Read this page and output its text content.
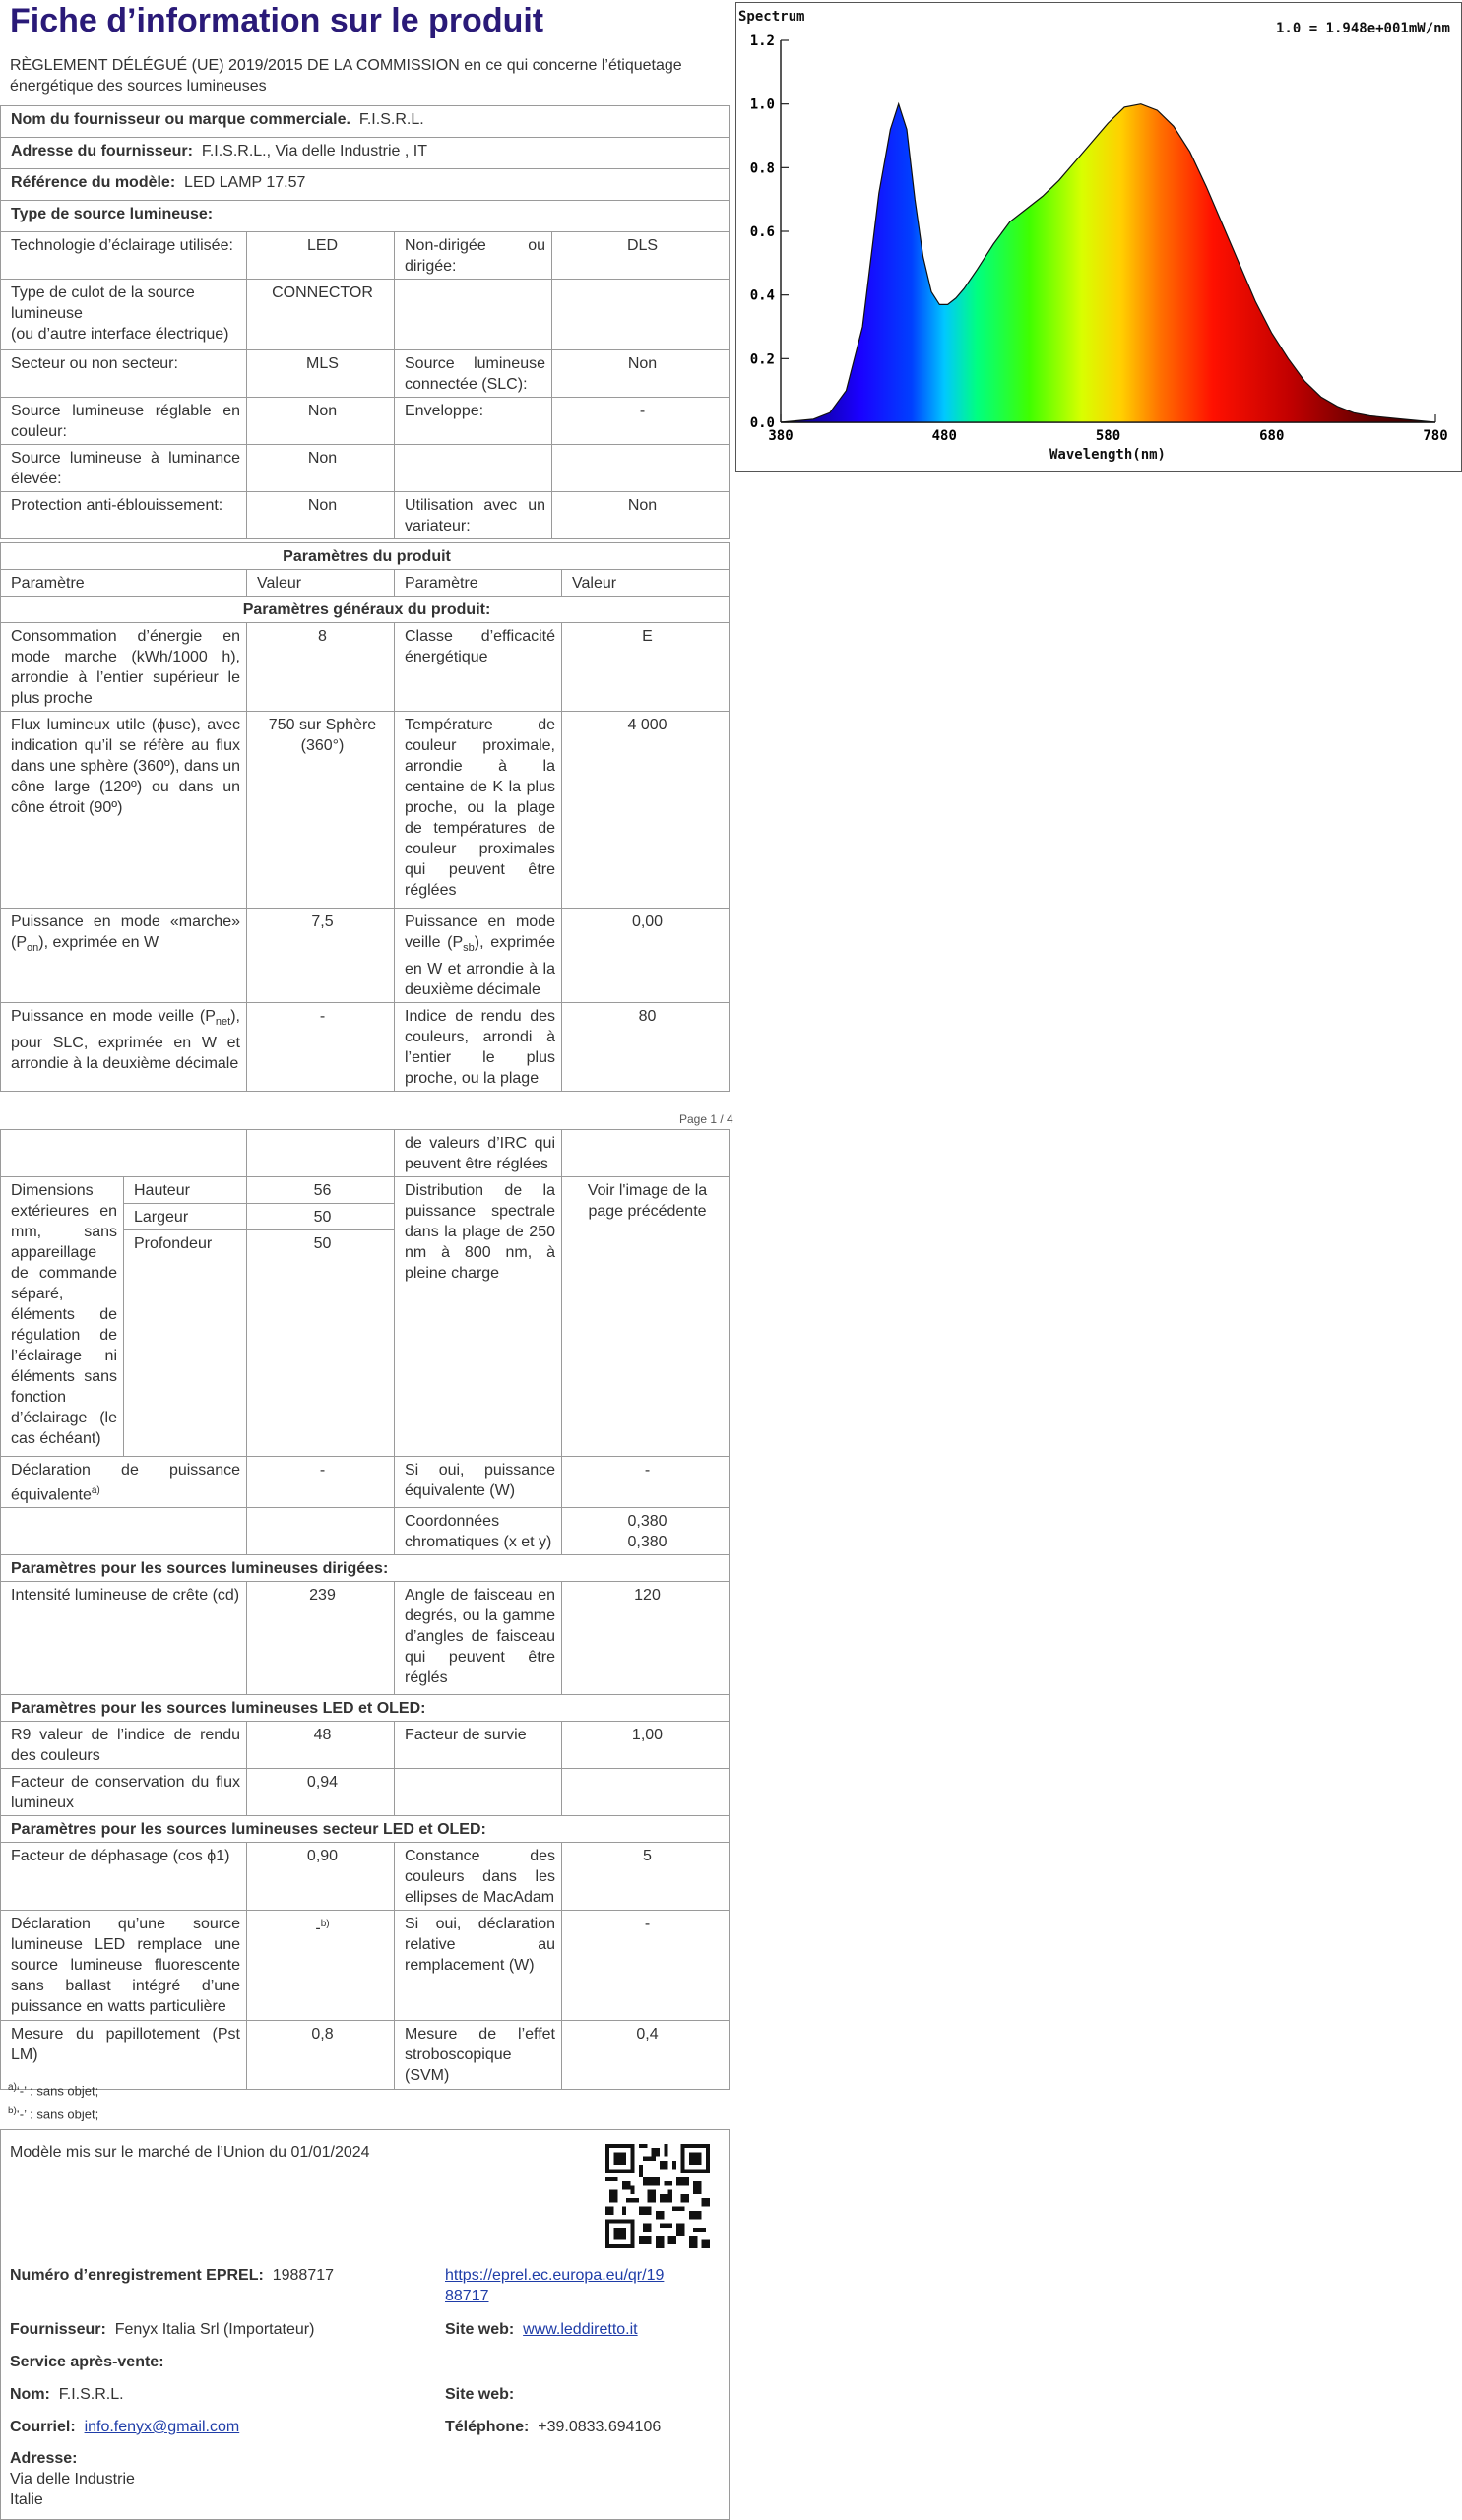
Fiche d’information sur le produit
RÈGLEMENT DÉLÉGUÉ (UE) 2019/2015 DE LA COMMISSION en ce qui concerne l’étiquetage énergétique des sources lumineuses
Nom du fournisseur ou marque commerciale. F.I.S.R.L.			
Adresse du fournisseur: F.I.S.R.L., Via delle Industrie , IT			
Référence du modèle: LED LAMP 17.57			
Type de source lumineuse:			
Technologie d’éclairage utilisée:	LED	Non-dirigée ou dirigée:	DLS

Type de culot de la source lumineuse
(ou d’autre interface électrique)	CONNECTOR		
Secteur ou non secteur:	MLS	Source lumineuse connectée (SLC):	Non
Source lumineuse réglable en couleur:	Non	Enveloppe:	-
Source lumineuse à luminance élevée:	Non		
Protection anti-éblouissement:	Non	Utilisation avec un variateur:	Non
Paramètres du produit			
Paramètre	Valeur	Paramètre	Valeur
Paramètres généraux du produit:			
Consommation d’énergie en mode marche (kWh/1000 h), arrondie à l’entier supérieur le plus proche	8	Classe d’efficacité énergétique	E
Flux lumineux utile (ϕuse), avec indication qu’il se réfère au flux dans une sphère (360º), dans un cône large (120º) ou dans un cône étroit (90º)	750 sur Sphère (360°)	Température de couleur proximale, arrondie à la centaine de K la plus proche, ou la plage de températures de couleur proximales qui peuvent être réglées	4 000
Puissance en mode «marche» $(P_{on})$, exprimée en W	7,5	Puissance en mode veille $(P_{sb})$, exprimée en W et arrondie à la deuxième décimale	0,00
Puissance en mode veille $(P_{net})$, pour SLC, exprimée en W et arrondie à la deuxième décimale	-	Indice de rendu des couleurs, arrondi à l’entier le plus proche, ou la plage	80
Page 1 / 4
			de valeurs d’IRC qui peuvent être réglées	
Dimensions extérieures en mm, sans appareillage de commande séparé, éléments de régulation de l’éclairage ni éléments sans fonction d’éclairage (le cas échéant)	Hauteur	56	Distribution de la puissance spectrale dans la plage de 250 nm à 800 nm, à pleine charge	Voir l'image de la page précédente
	Largeur	50		
	Profondeur	50		
Déclaration de puissance équivalente$^{a)}$		-	Si oui, puissance équivalente (W)	-
			Coordonnées chromatiques (x et y)	0,380
0,380

Paramètres pour les sources lumineuses dirigées:				
Intensité lumineuse de crête (cd)		239	Angle de faisceau en degrés, ou la gamme d’angles de faisceau qui peuvent être réglés	120
Paramètres pour les sources lumineuses LED et OLED:				
R9 valeur de l’indice de rendu des couleurs		48	Facteur de survie	1,00
Facteur de conservation du flux lumineux		0,94		
Paramètres pour les sources lumineuses secteur LED et OLED:				
Facteur de déphasage (cos ϕ1)		0,90	Constance des couleurs dans les ellipses de MacAdam	5
Déclaration qu’une source lumineuse LED remplace une source lumineuse fluorescente sans ballast intégré d’une puissance en watts particulière		-$^{b)}$	Si oui, déclaration relative au remplacement (W)	-
Mesure du papillotement (Pst LM)		0,8	Mesure de l’effet stroboscopique (SVM)	0,4
$^{a)}$‘-’ : sans objet;
$^{b)}$‘-’ : sans objet;
Modèle mis sur le marché de l’Union du 01/01/2024
Numéro d’enregistrement EPREL: 1988717	https://eprel.ec.europa.eu/qr/19
88717
Fournisseur: Fenyx Italia Srl (Importateur)	Site web: www.leddiretto.it
Service après-vente:
Nom: F.I.S.R.L.	Site web:
Courriel: info.fenyx@gmail.com	Téléphone: +39.0833.694106
Adresse:
Via delle Industrie
Italie
Spectrum
1.0 = 1.948e+001mW/nm
0.0
0.2
0.4
0.6
0.8
1.0
1.2
380	480	580	680	780
Wavelength(nm)
